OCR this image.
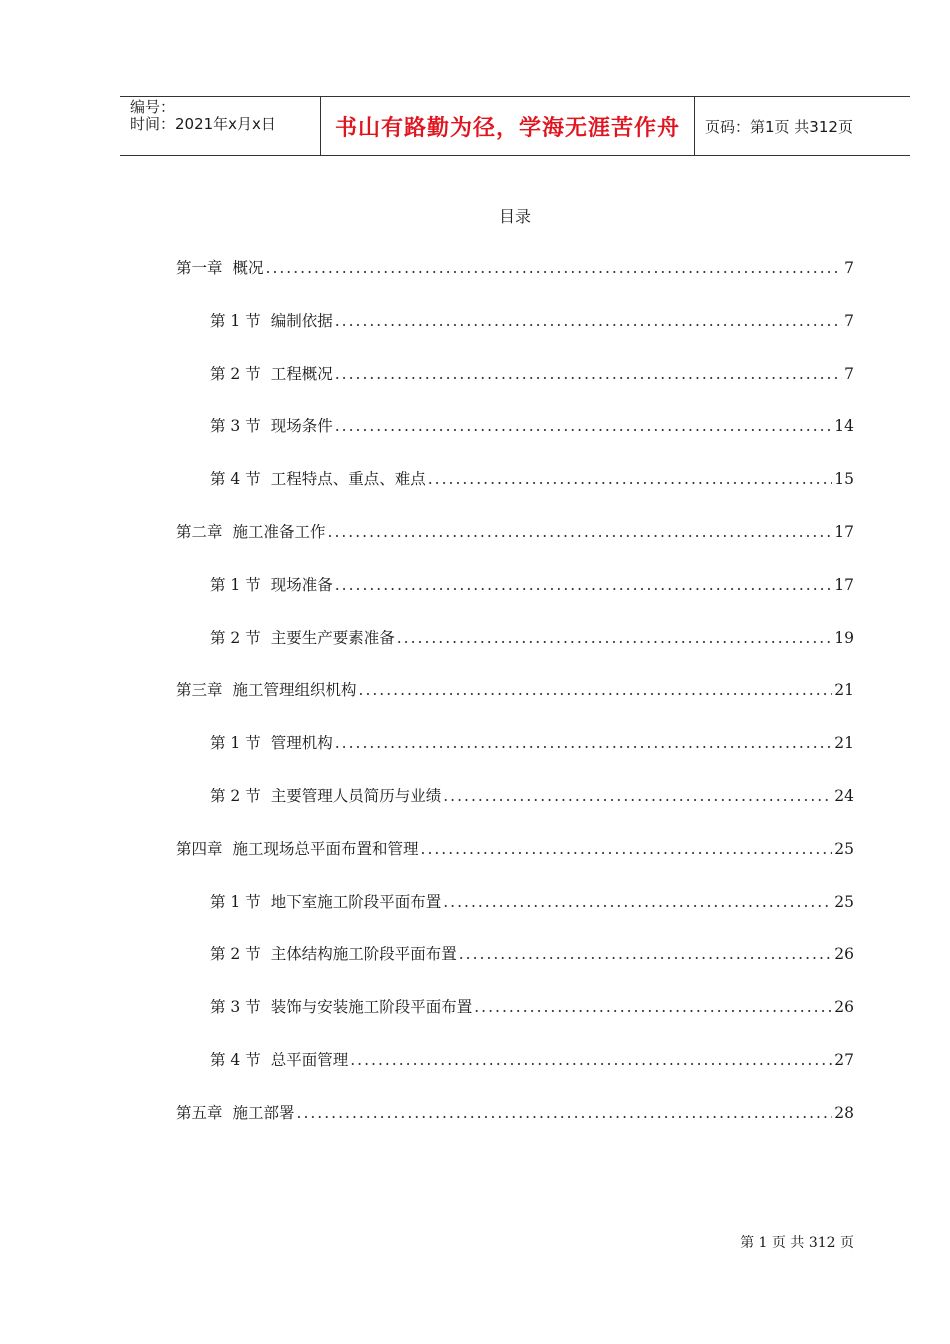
编号：
时间：2021年x月x日	书山有路勤为径，学海无涯苦作舟 页码：第1页 共312页
目录
第一章 概况 .....	7
第 1 节 编制依据 .....	7
第 2 节 工程概况 .....	7
第 3 节 现场条件 .....	14
第 4 节 工程特点、重点、难点 .....	15
第二章 施工准备工作 .....	17
第 1 节 现场准备 .....	17
第 2 节 主要生产要素准备 .....	19
第三章 施工管理组织机构 .....	21
第 1 节 管理机构 .....	21
第 2 节 主要管理人员简历与业绩 .....	24
第四章 施工现场总平面布置和管理 .....	25
第 1 节 地下室施工阶段平面布置 .....	25
第 2 节 主体结构施工阶段平面布置 .....	26
第 3 节 装饰与安装施工阶段平面布置 .....	26
第 4 节 总平面管理 .....	27
第五章 施工部署 .....	28
第 1 页 共 312 页
